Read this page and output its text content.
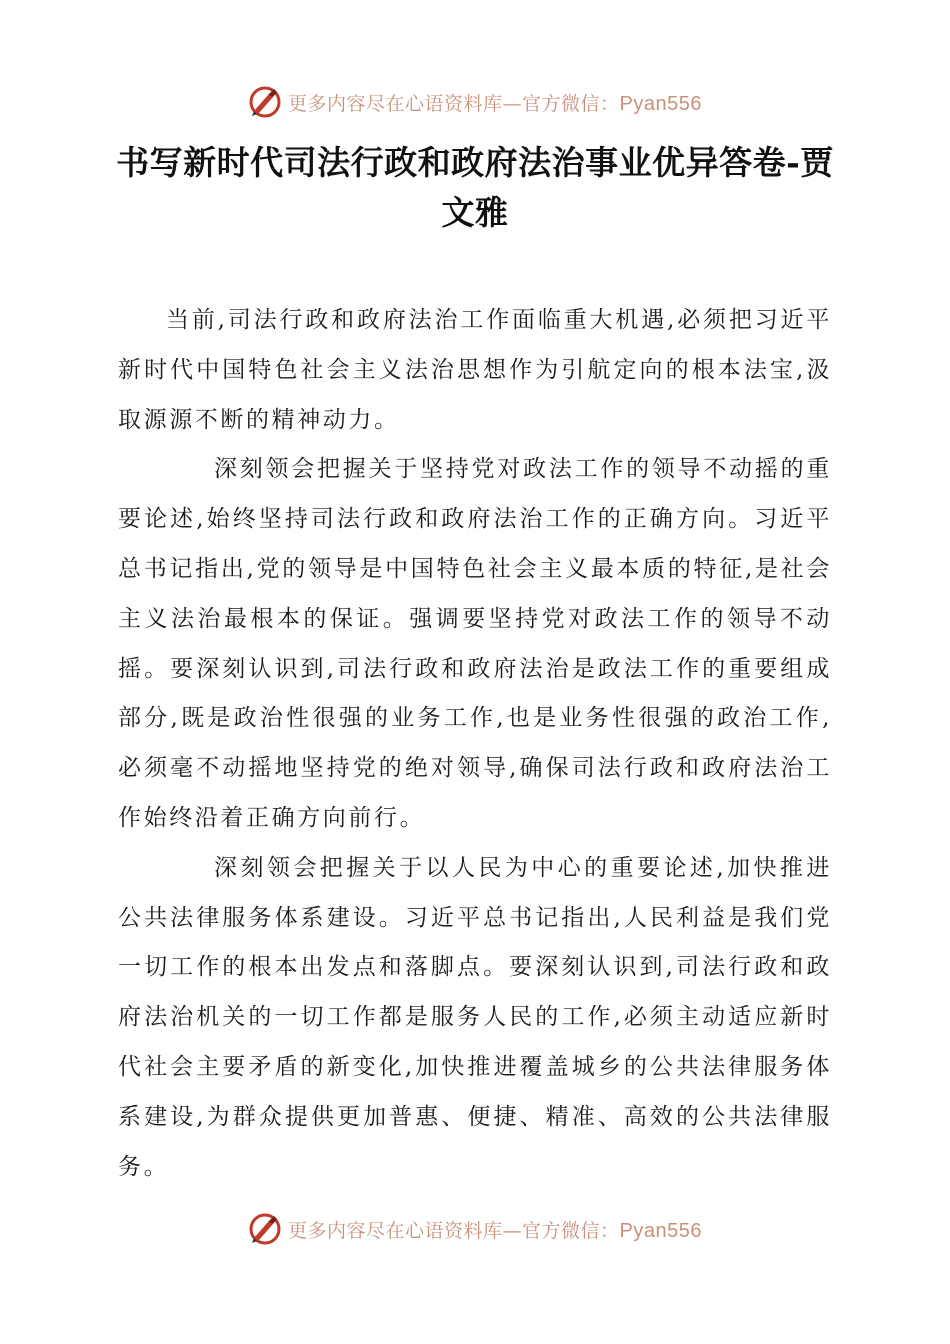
更多内容尽在心语资料库—官方微信：Pyan556
书写新时代司法行政和政府法治事业优异答卷-贾文雅

当前,司法行政和政府法治工作面临重大机遇,必须把习近平新时代中国特色社会主义法治思想作为引航定向的根本法宝,汲取源源不断的精神动力。

深刻领会把握关于坚持党对政法工作的领导不动摇的重要论述,始终坚持司法行政和政府法治工作的正确方向。习近平总书记指出,党的领导是中国特色社会主义最本质的特征,是社会主义法治最根本的保证。强调要坚持党对政法工作的领导不动摇。要深刻认识到,司法行政和政府法治是政法工作的重要组成部分,既是政治性很强的业务工作,也是业务性很强的政治工作,必须毫不动摇地坚持党的绝对领导,确保司法行政和政府法治工作始终沿着正确方向前行。

深刻领会把握关于以人民为中心的重要论述,加快推进公共法律服务体系建设。习近平总书记指出,人民利益是我们党一切工作的根本出发点和落脚点。要深刻认识到,司法行政和政府法治机关的一切工作都是服务人民的工作,必须主动适应新时代社会主要矛盾的新变化,加快推进覆盖城乡的公共法律服务体系建设,为群众提供更加普惠、便捷、精准、高效的公共法律服务。

更多内容尽在心语资料库—官方微信：Pyan556
